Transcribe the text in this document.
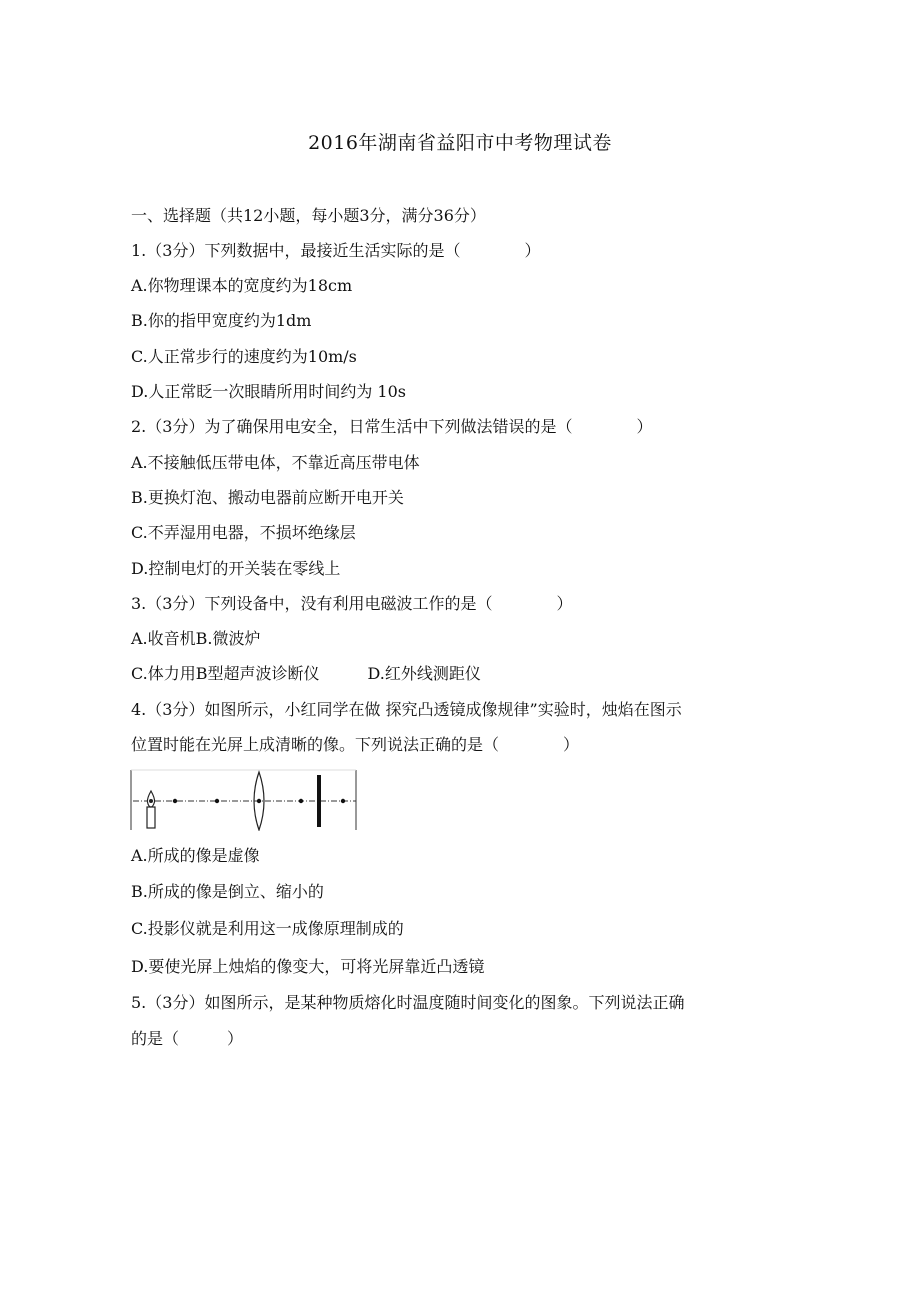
2016年湖南省益阳市中考物理试卷
一、选择题（共12小题，每小题3分，满分36分）
1.（3分）下列数据中，最接近生活实际的是（　　　　）
A.你物理课本的宽度约为18cm
B.你的指甲宽度约为1dm
C.人正常步行的速度约为10m/s
D.人正常眨一次眼睛所用时间约为 10s
2.（3分）为了确保用电安全，日常生活中下列做法错误的是（　　　　）
A.不接触低压带电体，不靠近高压带电体
B.更换灯泡、搬动电器前应断开电开关
C.不弄湿用电器，不损坏绝缘层
D.控制电灯的开关装在零线上
3.（3分）下列设备中，没有利用电磁波工作的是（　　　　）
A.收音机B.微波炉
C.体力用B型超声波诊断仪　　　D.红外线测距仪
4.（3分）如图所示，小红同学在做 探究凸透镜成像规律”实验时，烛焰在图示
位置时能在光屏上成清晰的像。下列说法正确的是（　　　　）
A.所成的像是虚像
B.所成的像是倒立、缩小的
C.投影仪就是利用这一成像原理制成的
D.要使光屏上烛焰的像变大，可将光屏靠近凸透镜
5.（3分）如图所示，是某种物质熔化时温度随时间变化的图象。下列说法正确
的是（　　　）
